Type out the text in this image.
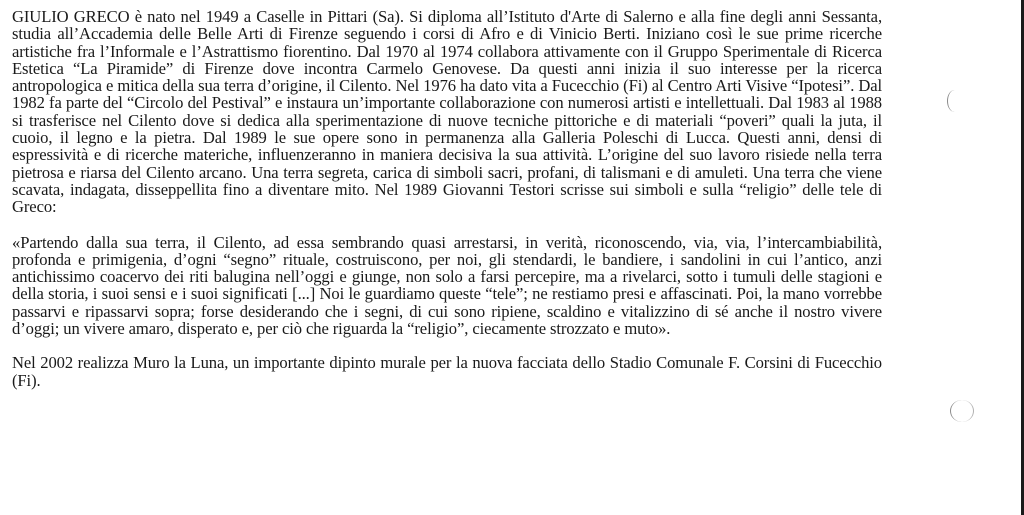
GIULIO GRECO è nato nel 1949 a Caselle in Pittari (Sa). Si diploma all’Istituto d'Arte di Salerno e alla fine degli anni Sessanta, studia all’Accademia delle Belle Arti di Firenze seguendo i corsi di Afro e di Vinicio Berti. Iniziano così le sue prime ricerche artistiche fra l’Informale e l’Astrattismo fiorentino. Dal 1970 al 1974 collabora attivamente con il Gruppo Sperimentale di Ricerca Estetica “La Piramide” di Firenze dove incontra Carmelo Genovese. Da questi anni inizia il suo interesse per la ricerca antropologica e mitica della sua terra d’origine, il Cilento. Nel 1976 ha dato vita a Fucecchio (Fi) al Centro Arti Visive “Ipotesi”. Dal 1982 fa parte del “Circolo del Pestival” e instaura un’importante collaborazione con numerosi artisti e intellettuali. Dal 1983 al 1988 si trasferisce nel Cilento dove si dedica alla sperimentazione di nuove tecniche pittoriche e di materiali “poveri” quali la juta, il cuoio, il legno e la pietra. Dal 1989 le sue opere sono in permanenza alla Galleria Poleschi di Lucca. Questi anni, densi di espressività e di ricerche materiche, influenzeranno in maniera decisiva la sua attività. L’origine del suo lavoro risiede nella terra pietrosa e riarsa del Cilento arcano. Una terra segreta, carica di simboli sacri, profani, di talismani e di amuleti. Una terra che viene scavata, indagata, disseppellita fino a diventare mito. Nel 1989 Giovanni Testori scrisse sui simboli e sulla “religio” delle tele di Greco:

«Partendo dalla sua terra, il Cilento, ad essa sembrando quasi arrestarsi, in verità, riconoscendo, via, via, l’intercambiabilità, profonda e primigenia, d’ogni “segno” rituale, costruiscono, per noi, gli stendardi, le bandiere, i sandolini in cui l’antico, anzi antichissimo coacervo dei riti balugina nell’oggi e giunge, non solo a farsi percepire, ma a rivelarci, sotto i tumuli delle stagioni e della storia, i suoi sensi e i suoi significati [...] Noi le guardiamo queste “tele”; ne restiamo presi e affascinati. Poi, la mano vorrebbe passarvi e ripassarvi sopra; forse desiderando che i segni, di cui sono ripiene, scaldino e vitalizzino di sé anche il nostro vivere d’oggi; un vivere amaro, disperato e, per ciò che riguarda la “religio”, ciecamente strozzato e muto».

Nel 2002 realizza Muro la Luna, un importante dipinto murale per la nuova facciata dello Stadio Comunale F. Corsini di Fucecchio (Fi).
